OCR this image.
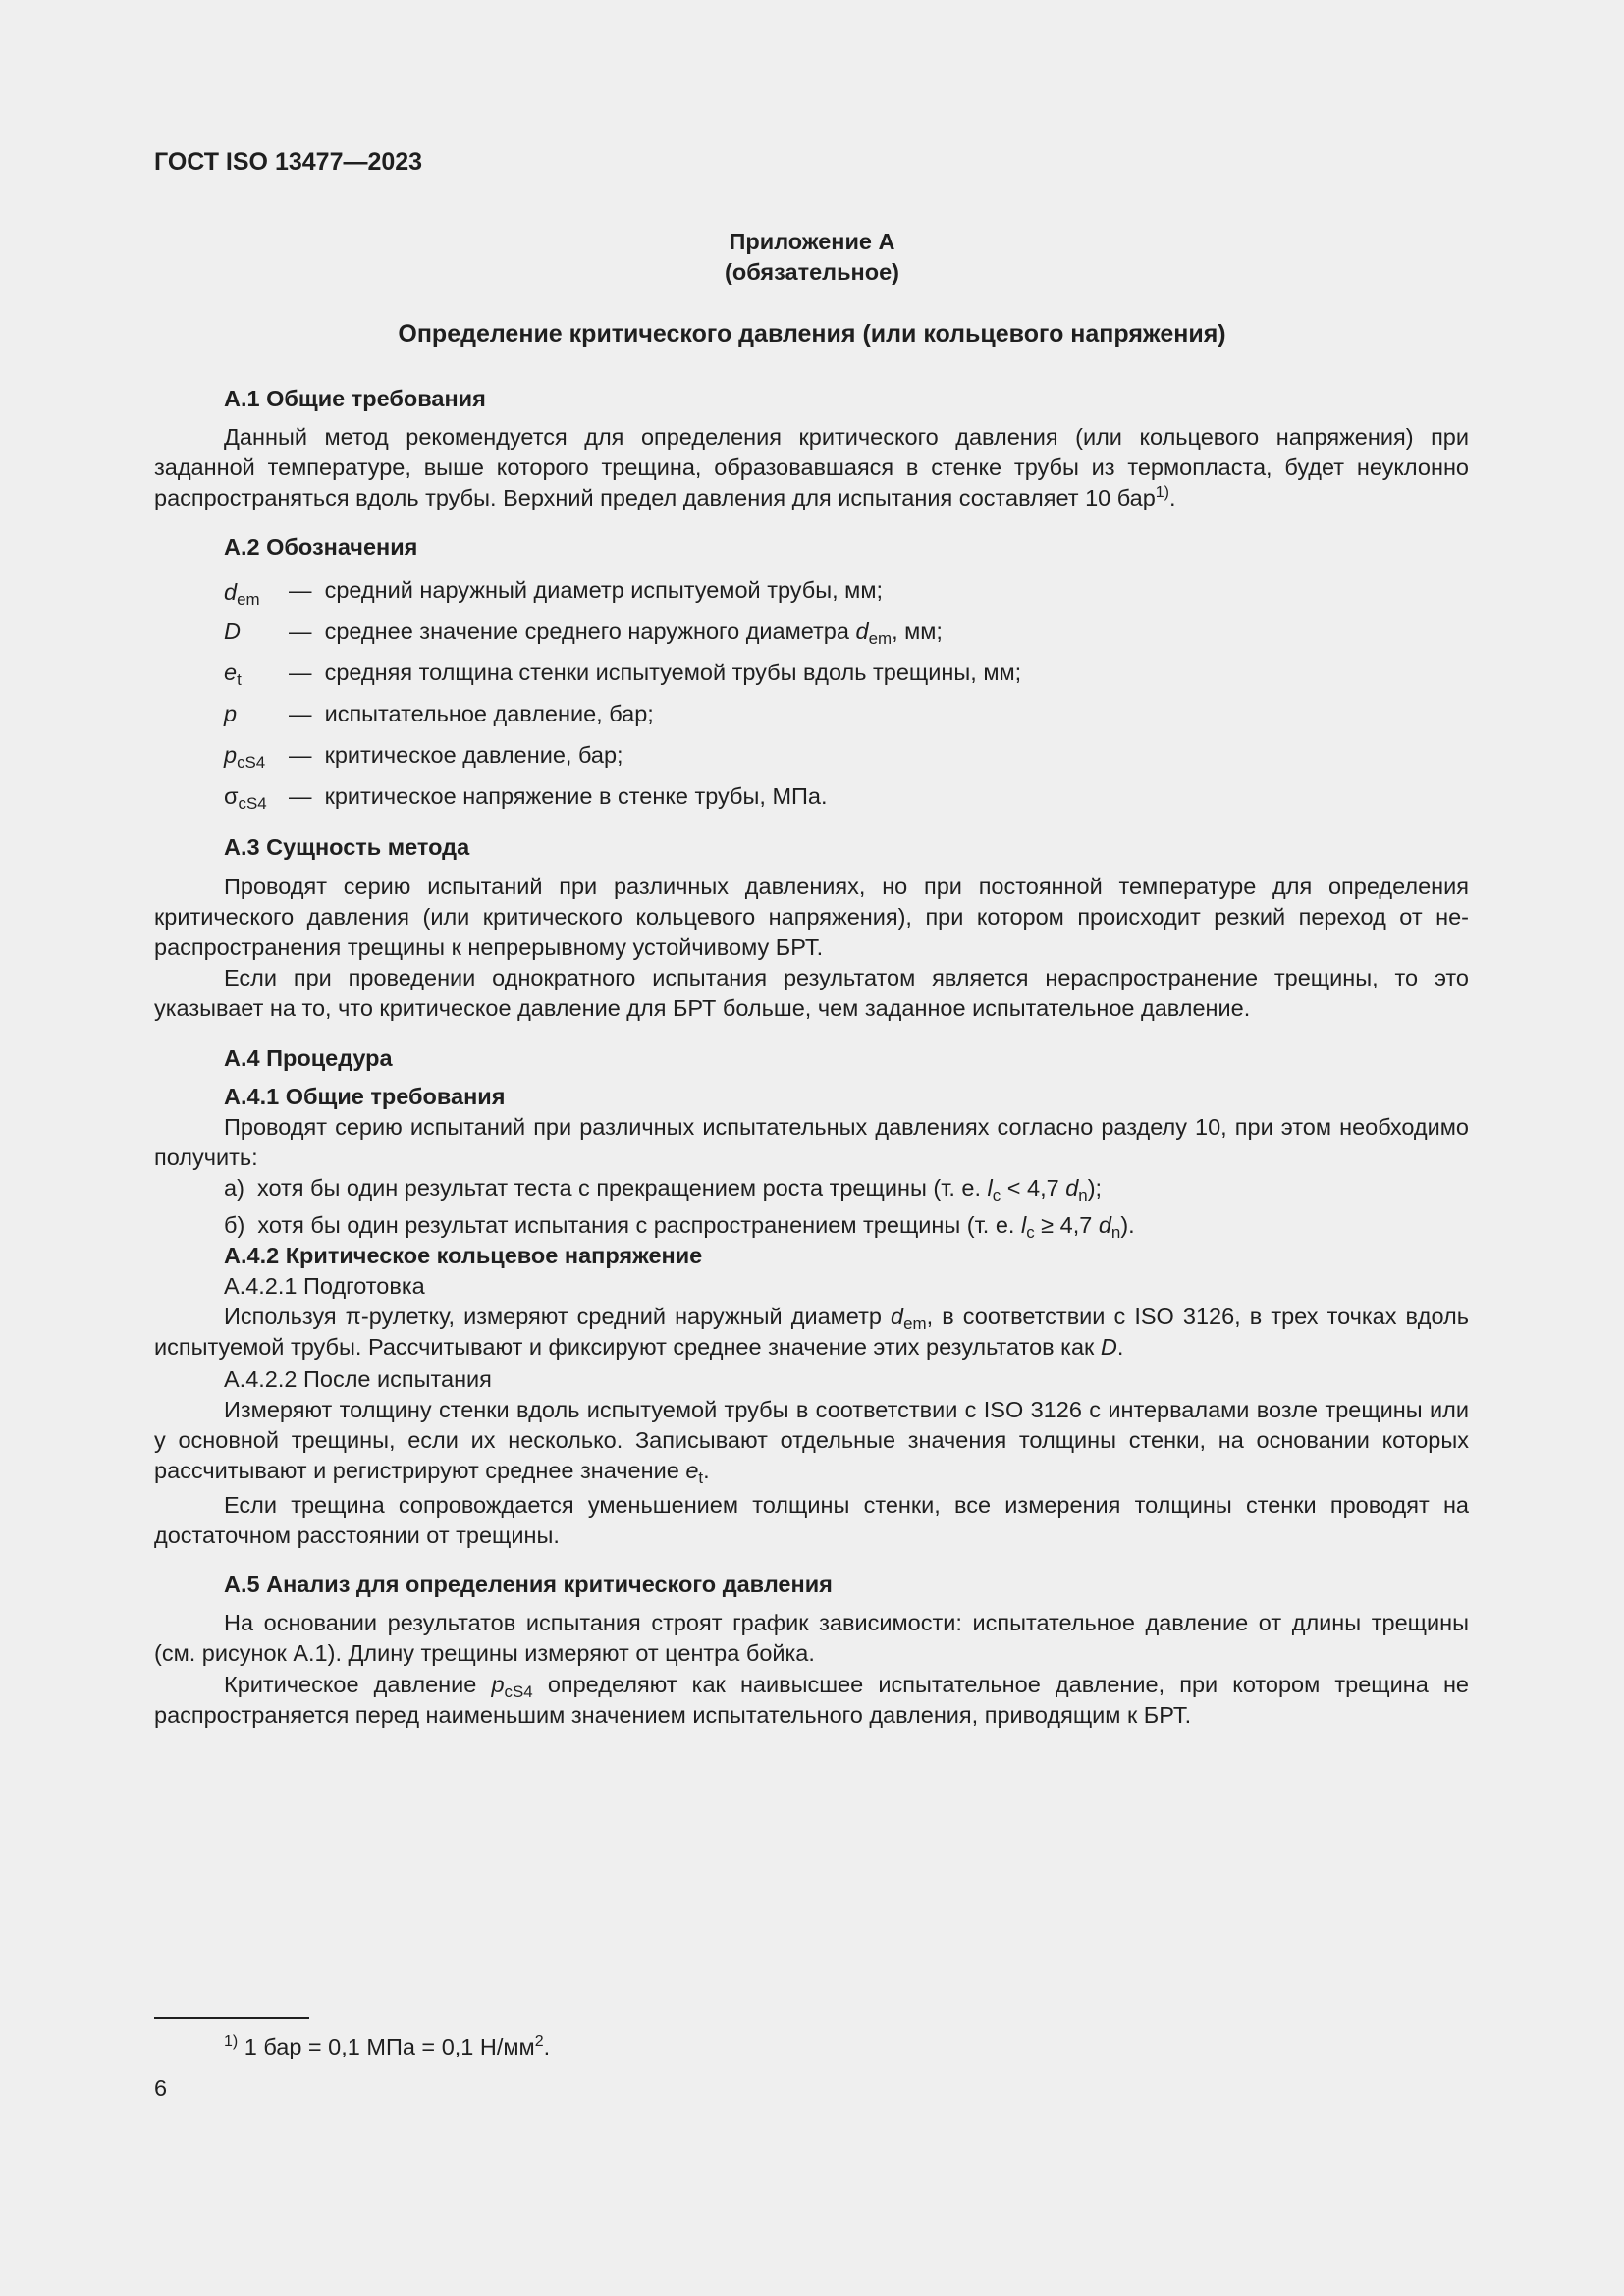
ГОСТ ISO 13477—2023
Приложение А
(обязательное)
Определение критического давления (или кольцевого напряжения)
А.1 Общие требования
Данный метод рекомендуется для определения критического давления (или кольцевого напряжения) при
заданной температуре, выше которого трещина, образовавшаяся в стенке трубы из термопласта, будет неуклонно
распространяться вдоль трубы. Верхний предел давления для испытания составляет 10 бар$^{1)}$.
А.2 Обозначения
$d_{em}$ — средний наружный диаметр испытуемой трубы, мм;
D — среднее значение среднего наружного диаметра $d_{em}$, мм;
$e_t$ — средняя толщина стенки испытуемой трубы вдоль трещины, мм;
p — испытательное давление, бар;
$p_{cS4}$ — критическое давление, бар;
$\sigma_{cS4}$ — критическое напряжение в стенке трубы, МПа.
А.3 Сущность метода
Проводят серию испытаний при различных давлениях, но при постоянной температуре для определения критического давления (или критического кольцевого напряжения), при котором происходит резкий переход от нераспространения трещины к непрерывному устойчивому БРТ.
Если при проведении однократного испытания результатом является нераспространение трещины, то это указывает на то, что критическое давление для БРТ больше, чем заданное испытательное давление.
А.4 Процедура
А.4.1 Общие требования
Проводят серию испытаний при различных испытательных давлениях согласно разделу 10, при этом необходимо получить:
а) хотя бы один результат теста с прекращением роста трещины (т. е. $l_c < 4,7$ $d_n$);
б) хотя бы один результат испытания с распространением трещины (т. е. $l_c \ge 4,7$ $d_n$).
А.4.2 Критическое кольцевое напряжение
А.4.2.1 Подготовка
Используя π-рулетку, измеряют средний наружный диаметр $d_{em}$, в соответствии с ISO 3126, в трех точках вдоль испытуемой трубы. Рассчитывают и фиксируют среднее значение этих результатов как D.
А.4.2.2 После испытания
Измеряют толщину стенки вдоль испытуемой трубы в соответствии с ISO 3126 с интервалами возле трещины или у основной трещины, если их несколько. Записывают отдельные значения толщины стенки, на основании которых рассчитывают и регистрируют среднее значение $e_t$.
Если трещина сопровождается уменьшением толщины стенки, все измерения толщины стенки проводят на достаточном расстоянии от трещины.
А.5 Анализ для определения критического давления
На основании результатов испытания строят график зависимости: испытательное давление от длины трещины (см. рисунок А.1). Длину трещины измеряют от центра бойка.
Критическое давление $p_{cS4}$ определяют как наивысшее испытательное давление, при котором трещина не распространяется перед наименьшим значением испытательного давления, приводящим к БРТ.
$^{1)}$ 1 бар = 0,1 МПа = 0,1 $Н/мм^2$.
6
